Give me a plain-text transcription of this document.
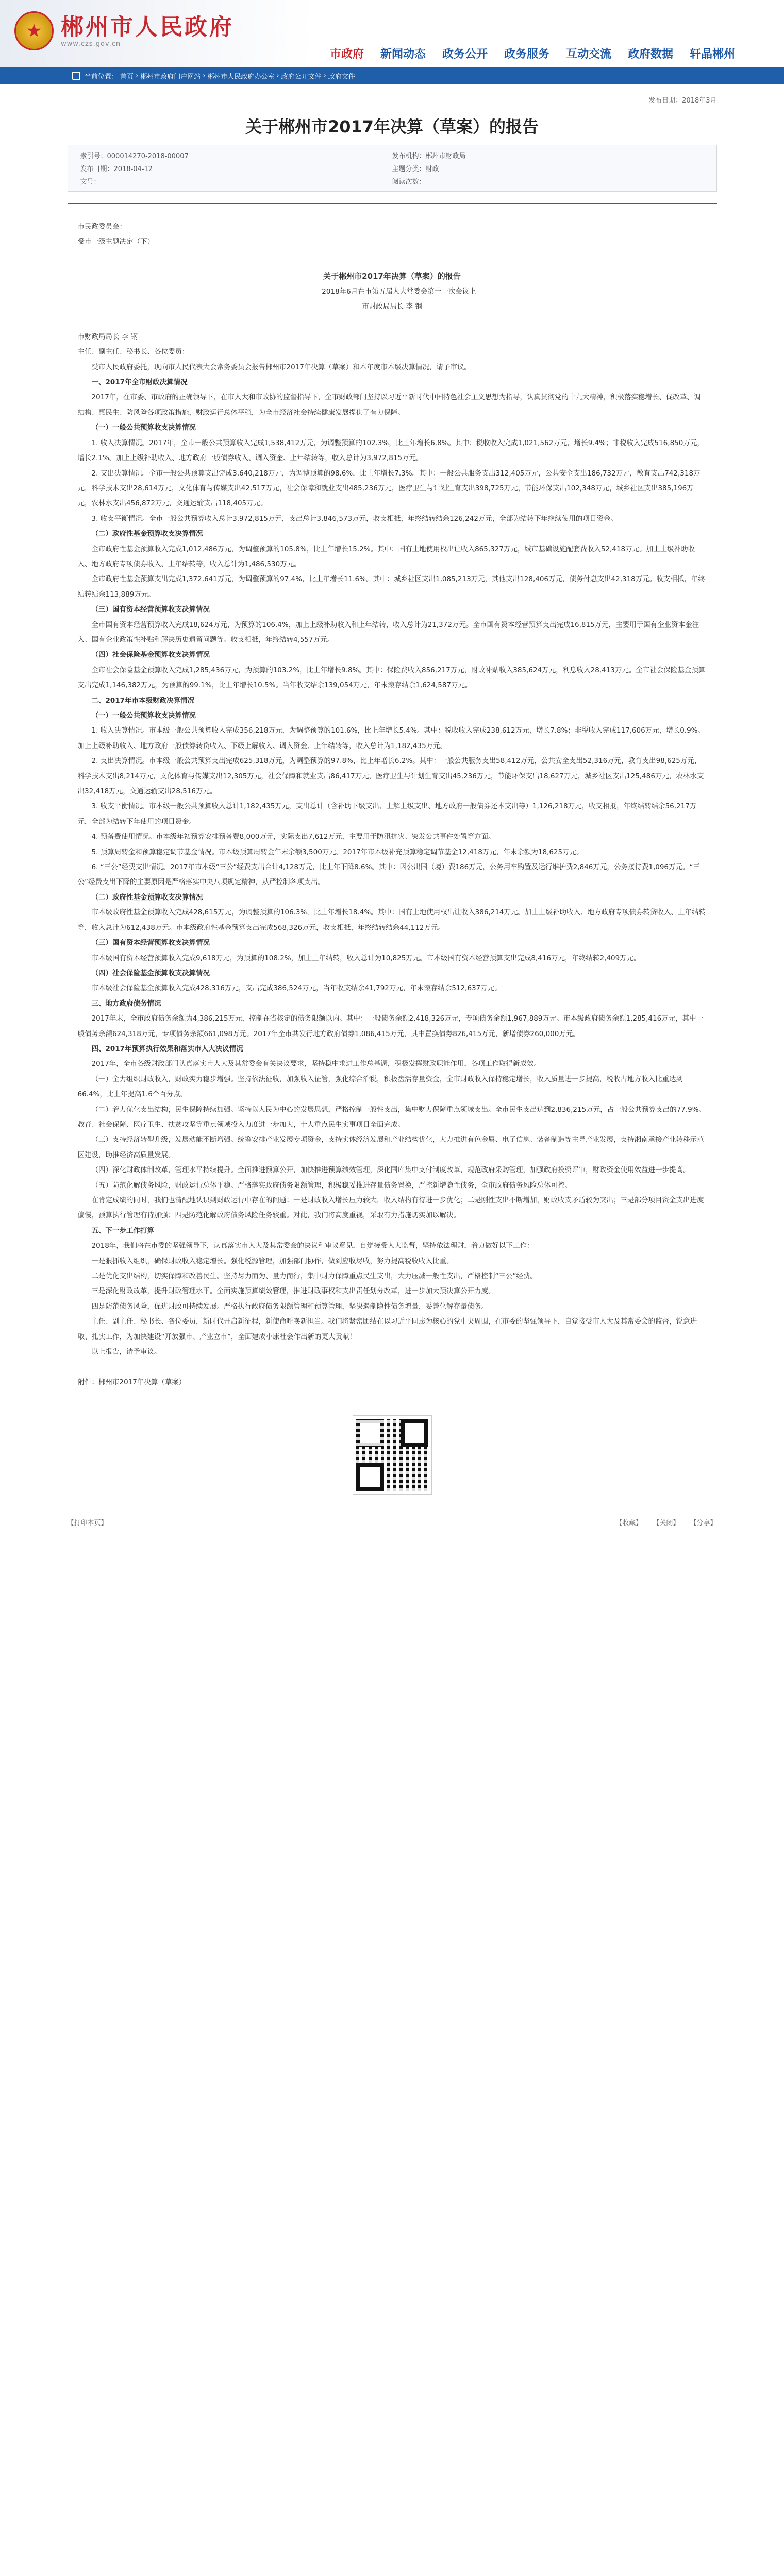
郴州市人民政府
www.czs.gov.cn
市政府 新闻动态 政务公开 政务服务 互动交流 政府数据 轩晶郴州
当前位置： 首页 › 郴州市政府门户网站 › 郴州市人民政府办公室 › 政府公开文件 › 政府文件
发布日期：2018年3月
关于郴州市2017年决算（草案）的报告
索引号：000014270-2018-00007	发布机构：郴州市财政局
发布日期：2018-04-12	主题分类：财政
文号：	阅读次数：

市民政委员会：

受市一级主题决定（下）

关于郴州市2017年决算（草案）的报告

——2018年6月在市第五届人大常委会第十一次会议上

市财政局局长 李 钢

市财政局局长 李 钢

主任、副主任、秘书长、各位委员：

受市人民政府委托，现向市人民代表大会常务委员会报告郴州市2017年决算（草案）和本年度市本级决算情况，请予审议。

一、2017年全市财政决算情况

2017年，在市委、市政府的正确领导下，在市人大和市政协的监督指导下，全市财政部门坚持以习近平新时代中国特色社会主义思想为指导，认真贯彻党的十九大精神，积极落实稳增长、促改革、调结构、惠民生、防风险各项政策措施，财政运行总体平稳，为全市经济社会持续健康发展提供了有力保障。

（一）一般公共预算收支决算情况

1. 收入决算情况。2017年，全市一般公共预算收入完成1,538,412万元，为调整预算的102.3%，比上年增长6.8%。其中：税收收入完成1,021,562万元，增长9.4%；非税收入完成516,850万元，增长2.1%。加上上级补助收入、地方政府一般债券收入、调入资金、上年结转等，收入总计为3,972,815万元。

2. 支出决算情况。全市一般公共预算支出完成3,640,218万元，为调整预算的98.6%，比上年增长7.3%。其中：一般公共服务支出312,405万元，公共安全支出186,732万元，教育支出742,318万元，科学技术支出28,614万元，文化体育与传媒支出42,517万元，社会保障和就业支出485,236万元，医疗卫生与计划生育支出398,725万元，节能环保支出102,348万元，城乡社区支出385,196万元，农林水支出456,872万元，交通运输支出118,405万元。

3. 收支平衡情况。全市一般公共预算收入总计3,972,815万元，支出总计3,846,573万元，收支相抵，年终结转结余126,242万元，全部为结转下年继续使用的项目资金。

（二）政府性基金预算收支决算情况

全市政府性基金预算收入完成1,012,486万元，为调整预算的105.8%，比上年增长15.2%。其中：国有土地使用权出让收入865,327万元，城市基础设施配套费收入52,418万元。加上上级补助收入、地方政府专项债券收入、上年结转等，收入总计为1,486,530万元。

全市政府性基金预算支出完成1,372,641万元，为调整预算的97.4%，比上年增长11.6%。其中：城乡社区支出1,085,213万元，其他支出128,406万元，债务付息支出42,318万元。收支相抵，年终结转结余113,889万元。

（三）国有资本经营预算收支决算情况

全市国有资本经营预算收入完成18,624万元，为预算的106.4%，加上上级补助收入和上年结转，收入总计为21,372万元。全市国有资本经营预算支出完成16,815万元，主要用于国有企业资本金注入、国有企业政策性补贴和解决历史遗留问题等。收支相抵，年终结转4,557万元。

（四）社会保险基金预算收支决算情况

全市社会保险基金预算收入完成1,285,436万元，为预算的103.2%，比上年增长9.8%。其中：保险费收入856,217万元，财政补贴收入385,624万元，利息收入28,413万元。全市社会保险基金预算支出完成1,146,382万元，为预算的99.1%，比上年增长10.5%。当年收支结余139,054万元，年末滚存结余1,624,587万元。

二、2017年市本级财政决算情况

（一）一般公共预算收支决算情况

1. 收入决算情况。市本级一般公共预算收入完成356,218万元，为调整预算的101.6%，比上年增长5.4%。其中：税收收入完成238,612万元，增长7.8%；非税收入完成117,606万元，增长0.9%。加上上级补助收入、地方政府一般债券转贷收入、下级上解收入、调入资金、上年结转等，收入总计为1,182,435万元。

2. 支出决算情况。市本级一般公共预算支出完成625,318万元，为调整预算的97.8%，比上年增长6.2%。其中：一般公共服务支出58,412万元，公共安全支出52,316万元，教育支出98,625万元，科学技术支出8,214万元，文化体育与传媒支出12,305万元，社会保障和就业支出86,417万元，医疗卫生与计划生育支出45,236万元，节能环保支出18,627万元，城乡社区支出125,486万元，农林水支出32,418万元，交通运输支出28,516万元。

3. 收支平衡情况。市本级一般公共预算收入总计1,182,435万元，支出总计（含补助下级支出、上解上级支出、地方政府一般债券还本支出等）1,126,218万元，收支相抵，年终结转结余56,217万元，全部为结转下年使用的项目资金。

4. 预备费使用情况。市本级年初预算安排预备费8,000万元，实际支出7,612万元，主要用于防汛抗灾、突发公共事件处置等方面。

5. 预算周转金和预算稳定调节基金情况。市本级预算周转金年末余额3,500万元。2017年市本级补充预算稳定调节基金12,418万元，年末余额为18,625万元。

6. “三公”经费支出情况。2017年市本级“三公”经费支出合计4,128万元，比上年下降8.6%。其中：因公出国（境）费186万元，公务用车购置及运行维护费2,846万元，公务接待费1,096万元。“三公”经费支出下降的主要原因是严格落实中央八项规定精神，从严控制各项支出。

（二）政府性基金预算收支决算情况

市本级政府性基金预算收入完成428,615万元，为调整预算的106.3%，比上年增长18.4%。其中：国有土地使用权出让收入386,214万元。加上上级补助收入、地方政府专项债券转贷收入、上年结转等，收入总计为612,438万元。市本级政府性基金预算支出完成568,326万元，收支相抵，年终结转结余44,112万元。

（三）国有资本经营预算收支决算情况

市本级国有资本经营预算收入完成9,618万元，为预算的108.2%，加上上年结转，收入总计为10,825万元。市本级国有资本经营预算支出完成8,416万元，年终结转2,409万元。

（四）社会保险基金预算收支决算情况

市本级社会保险基金预算收入完成428,316万元，支出完成386,524万元，当年收支结余41,792万元，年末滚存结余512,637万元。

三、地方政府债务情况

2017年末，全市政府债务余额为4,386,215万元，控制在省核定的债务限额以内。其中：一般债务余额2,418,326万元，专项债务余额1,967,889万元。市本级政府债务余额1,285,416万元，其中一般债务余额624,318万元，专项债务余额661,098万元。2017年全市共发行地方政府债券1,086,415万元，其中置换债券826,415万元，新增债券260,000万元。

四、2017年预算执行效果和落实市人大决议情况

2017年，全市各级财政部门认真落实市人大及其常委会有关决议要求，坚持稳中求进工作总基调，积极发挥财政职能作用，各项工作取得新成效。

（一）全力组织财政收入，财政实力稳步增强。坚持依法征收，加强收入征管，强化综合治税，积极盘活存量资金，全市财政收入保持稳定增长，收入质量进一步提高，税收占地方收入比重达到66.4%，比上年提高1.6个百分点。

（二）着力优化支出结构，民生保障持续加强。坚持以人民为中心的发展思想，严格控制一般性支出，集中财力保障重点领域支出。全市民生支出达到2,836,215万元，占一般公共预算支出的77.9%。教育、社会保障、医疗卫生、扶贫攻坚等重点领域投入力度进一步加大，十大重点民生实事项目全面完成。

（三）支持经济转型升级，发展动能不断增强。统筹安排产业发展专项资金，支持实体经济发展和产业结构优化，大力推进有色金属、电子信息、装备制造等主导产业发展，支持湘南承接产业转移示范区建设，助推经济高质量发展。

（四）深化财政体制改革，管理水平持续提升。全面推进预算公开，加快推进预算绩效管理，深化国库集中支付制度改革，规范政府采购管理，加强政府投资评审，财政资金使用效益进一步提高。

（五）防范化解债务风险，财政运行总体平稳。严格落实政府债务限额管理，积极稳妥推进存量债务置换，严控新增隐性债务，全市政府债务风险总体可控。

在肯定成绩的同时，我们也清醒地认识到财政运行中存在的问题：一是财政收入增长压力较大，收入结构有待进一步优化；二是刚性支出不断增加，财政收支矛盾较为突出；三是部分项目资金支出进度偏慢，预算执行管理有待加强；四是防范化解政府债务风险任务较重。对此，我们将高度重视，采取有力措施切实加以解决。

五、下一步工作打算

2018年，我们将在市委的坚强领导下，认真落实市人大及其常委会的决议和审议意见，自觉接受人大监督，坚持依法理财，着力做好以下工作：

一是狠抓收入组织，确保财政收入稳定增长。强化税源管理，加强部门协作，做到应收尽收，努力提高税收收入比重。

二是优化支出结构，切实保障和改善民生。坚持尽力而为、量力而行，集中财力保障重点民生支出，大力压减一般性支出，严格控制“三公”经费。

三是深化财政改革，提升财政管理水平。全面实施预算绩效管理，推进财政事权和支出责任划分改革，进一步加大预决算公开力度。

四是防范债务风险，促进财政可持续发展。严格执行政府债务限额管理和预算管理，坚决遏制隐性债务增量，妥善化解存量债务。

主任、副主任、秘书长、各位委员，新时代开启新征程，新使命呼唤新担当。我们将紧密团结在以习近平同志为核心的党中央周围，在市委的坚强领导下，自觉接受市人大及其常委会的监督，锐意进取、扎实工作，为加快建设“开放强市、产业立市”，全面建成小康社会作出新的更大贡献！

以上报告，请予审议。

附件：郴州市2017年决算（草案）

【打印本页】	【收藏】 【关闭】 【分享】
